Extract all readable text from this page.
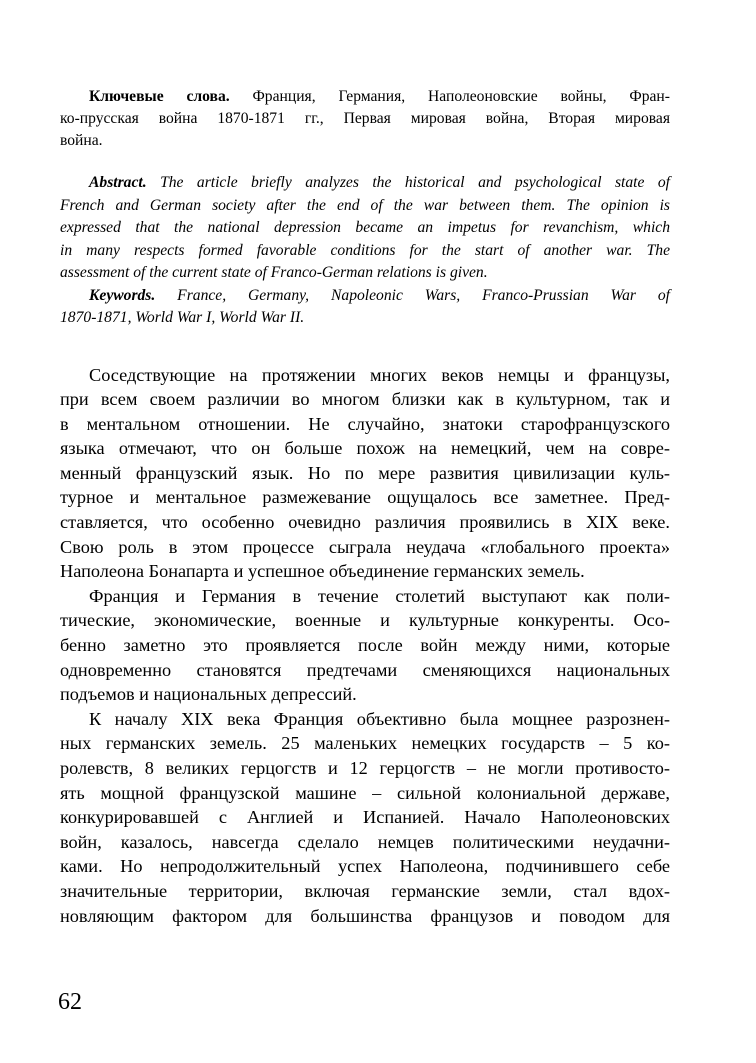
Ключевые слова. Франция, Германия, Наполеоновские войны, Фран-
ко-прусская война 1870-1871 гг., Первая мировая война, Вторая мировая
война.
Abstract. The article briefly analyzes the historical and psychological state of
French and German society after the end of the war between them. The opinion is
expressed that the national depression became an impetus for revanchism, which
in many respects formed favorable conditions for the start of another war. The
assessment of the current state of Franco-German relations is given.
Keywords. France, Germany, Napoleonic Wars, Franco-Prussian War of
1870-1871, World War I, World War II.
Соседствующие на протяжении многих веков немцы и французы,
при всем своем различии во многом близки как в культурном, так и
в ментальном отношении. Не случайно, знатоки старофранцузского
языка отмечают, что он больше похож на немецкий, чем на совре-
менный французский язык. Но по мере развития цивилизации куль-
турное и ментальное размежевание ощущалось все заметнее. Пред-
ставляется, что особенно очевидно различия проявились в XIX веке.
Свою роль в этом процессе сыграла неудача «глобального проекта»
Наполеона Бонапарта и успешное объединение германских земель.
Франция и Германия в течение столетий выступают как поли-
тические, экономические, военные и культурные конкуренты. Осо-
бенно заметно это проявляется после войн между ними, которые
одновременно становятся предтечами сменяющихся национальных
подъемов и национальных депрессий.
К началу XIX века Франция объективно была мощнее разрознен-
ных германских земель. 25 маленьких немецких государств – 5 ко-
ролевств, 8 великих герцогств и 12 герцогств – не могли противосто-
ять мощной французской машине – сильной колониальной державе,
конкурировавшей с Англией и Испанией. Начало Наполеоновских
войн, казалось, навсегда сделало немцев политическими неудачни-
ками. Но непродолжительный успех Наполеона, подчинившего себе
значительные территории, включая германские земли, стал вдох-
новляющим фактором для большинства французов и поводом для
62
